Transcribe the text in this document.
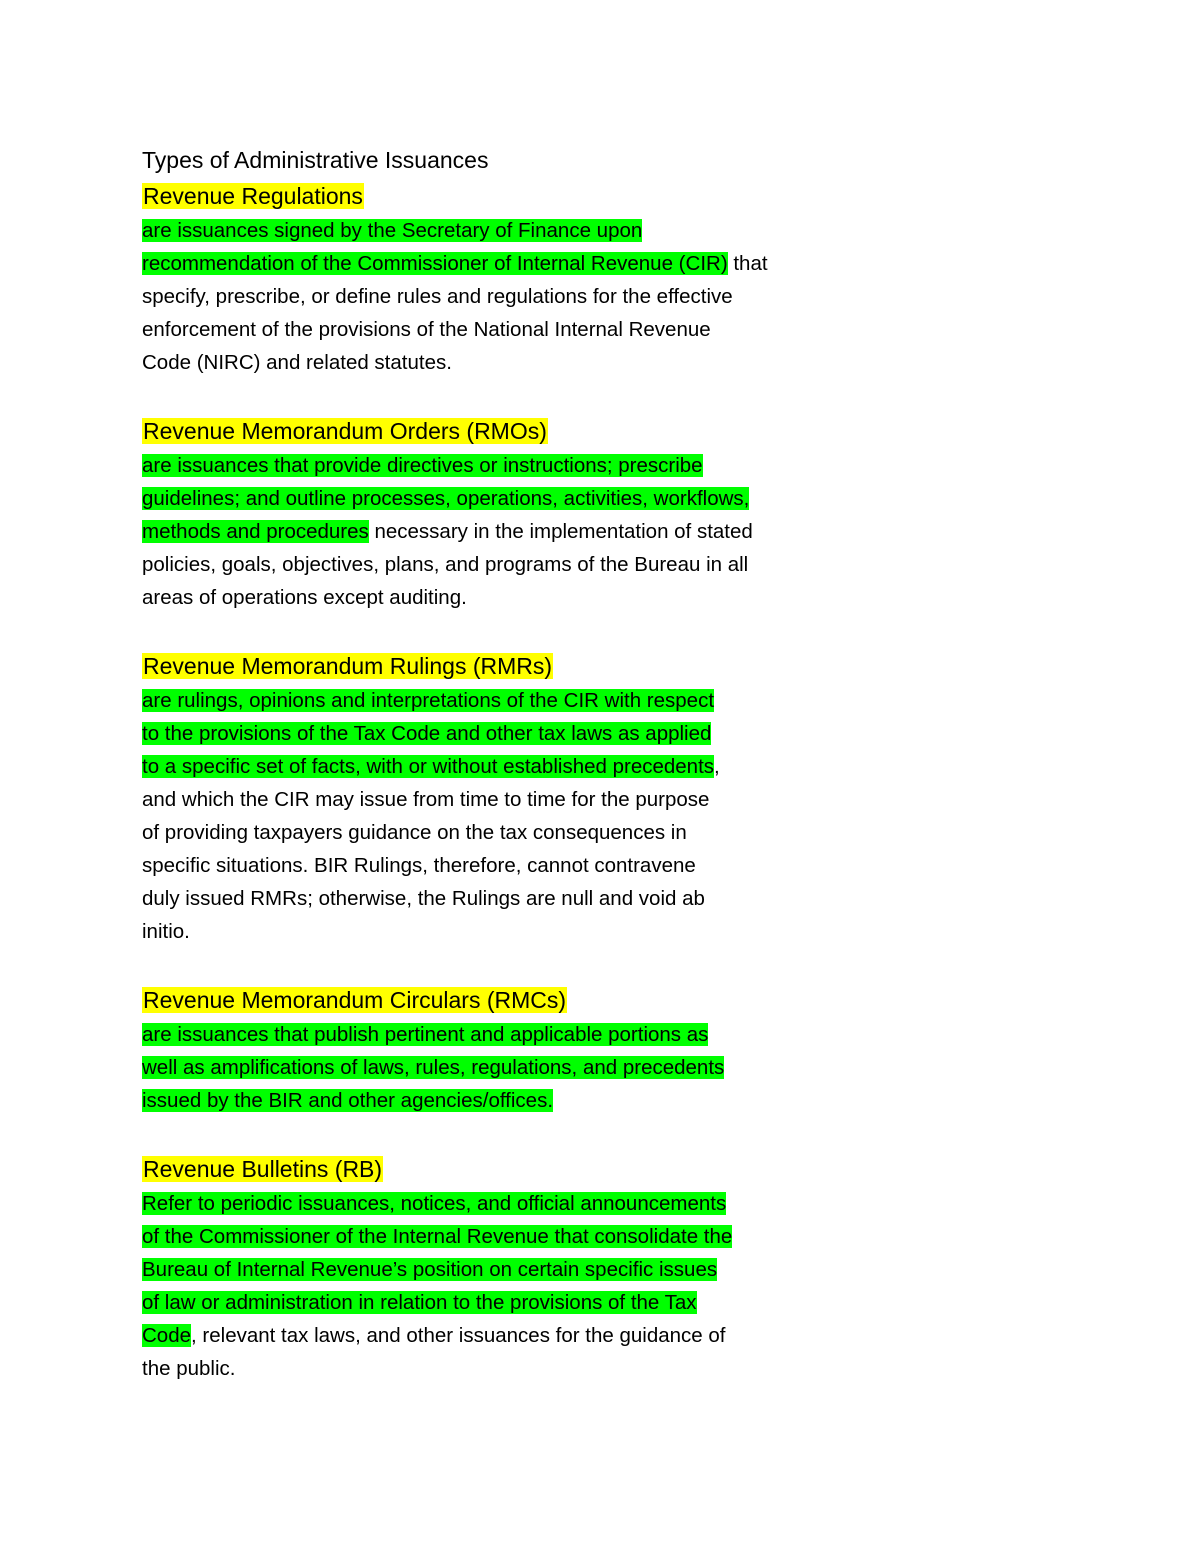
Types of Administrative Issuances
Revenue Regulations
are issuances signed by the Secretary of Finance upon
recommendation of the Commissioner of Internal Revenue (CIR) that
specify, prescribe, or define rules and regulations for the effective
enforcement of the provisions of the National Internal Revenue
Code (NIRC) and related statutes.
Revenue Memorandum Orders (RMOs)
are issuances that provide directives or instructions; prescribe
guidelines; and outline processes, operations, activities, workflows,
methods and procedures necessary in the implementation of stated
policies, goals, objectives, plans, and programs of the Bureau in all
areas of operations except auditing.
Revenue Memorandum Rulings (RMRs)
are rulings, opinions and interpretations of the CIR with respect
to the provisions of the Tax Code and other tax laws as applied
to a specific set of facts, with or without established precedents,
and which the CIR may issue from time to time for the purpose
of providing taxpayers guidance on the tax consequences in
specific situations. BIR Rulings, therefore, cannot contravene
duly issued RMRs; otherwise, the Rulings are null and void ab
initio.
Revenue Memorandum Circulars (RMCs)
are issuances that publish pertinent and applicable portions as
well as amplifications of laws, rules, regulations, and precedents
issued by the BIR and other agencies/offices.
Revenue Bulletins (RB)
Refer to periodic issuances, notices, and official announcements
of the Commissioner of the Internal Revenue that consolidate the
Bureau of Internal Revenue’s position on certain specific issues
of law or administration in relation to the provisions of the Tax
Code, relevant tax laws, and other issuances for the guidance of
the public.
